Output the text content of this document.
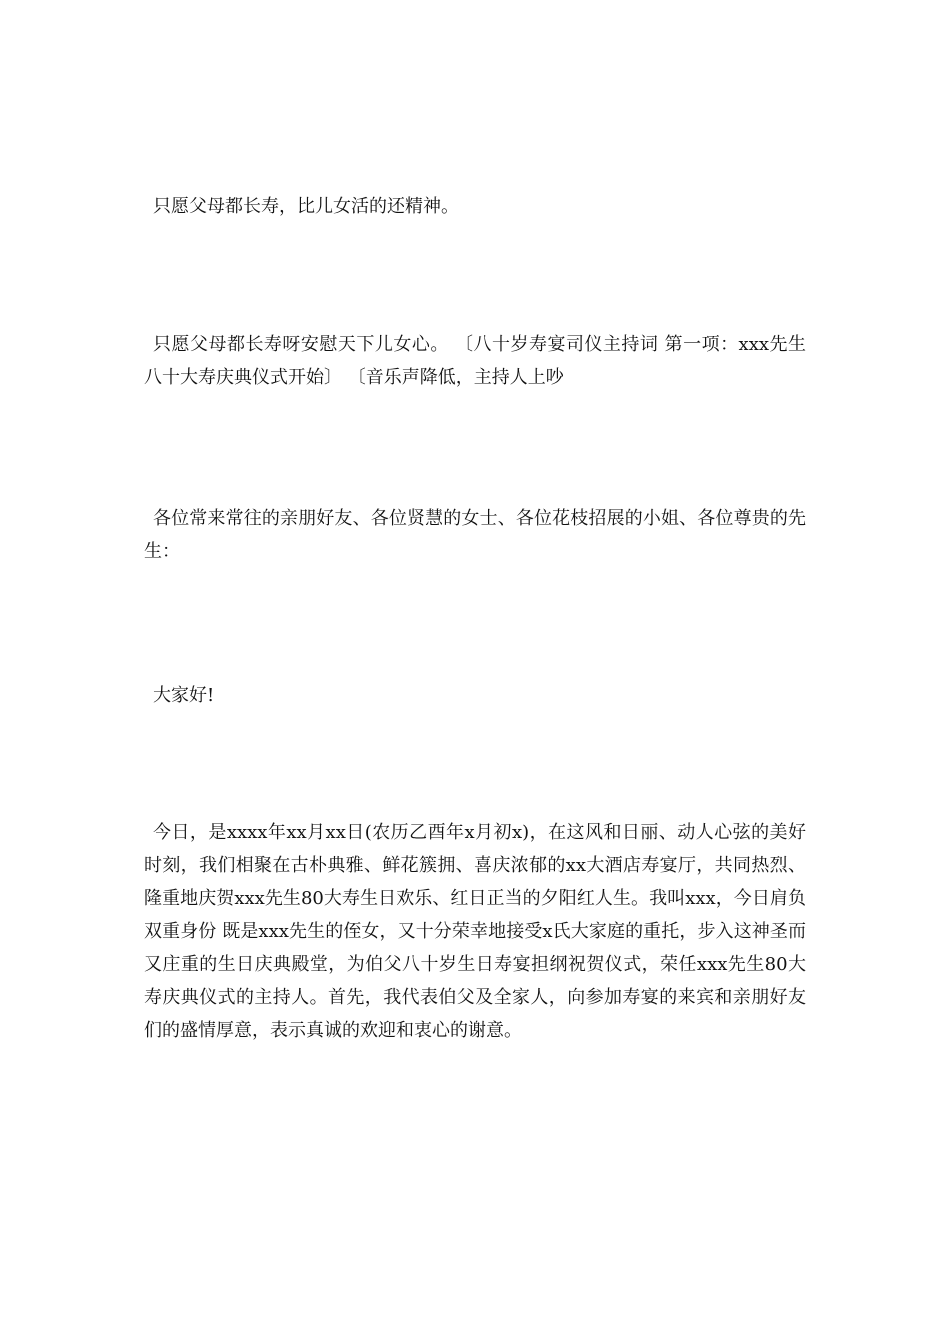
只愿父母都长寿，比儿女活的还精神。

只愿父母都长寿呀安慰天下儿女心。 〔八十岁寿宴司仪主持词 第一项：xxx先生八十大寿庆典仪式开始〕 〔音乐声降低，主持人上吵

各位常来常往的亲朋好友、各位贤慧的女士、各位花枝招展的小姐、各位尊贵的先生：

大家好!

今日，是xxxx年xx月xx日(农历乙酉年x月初x)，在这风和日丽、动人心弦的美好时刻，我们相聚在古朴典雅、鲜花簇拥、喜庆浓郁的xx大酒店寿宴厅，共同热烈、隆重地庆贺xxx先生80大寿生日欢乐、红日正当的夕阳红人生。我叫xxx，今日肩负双重身份 既是xxx先生的侄女，又十分荣幸地接受x氏大家庭的重托，步入这神圣而又庄重的生日庆典殿堂，为伯父八十岁生日寿宴担纲祝贺仪式，荣任xxx先生80大寿庆典仪式的主持人。首先，我代表伯父及全家人，向参加寿宴的来宾和亲朋好友们的盛情厚意，表示真诚的欢迎和衷心的谢意。
